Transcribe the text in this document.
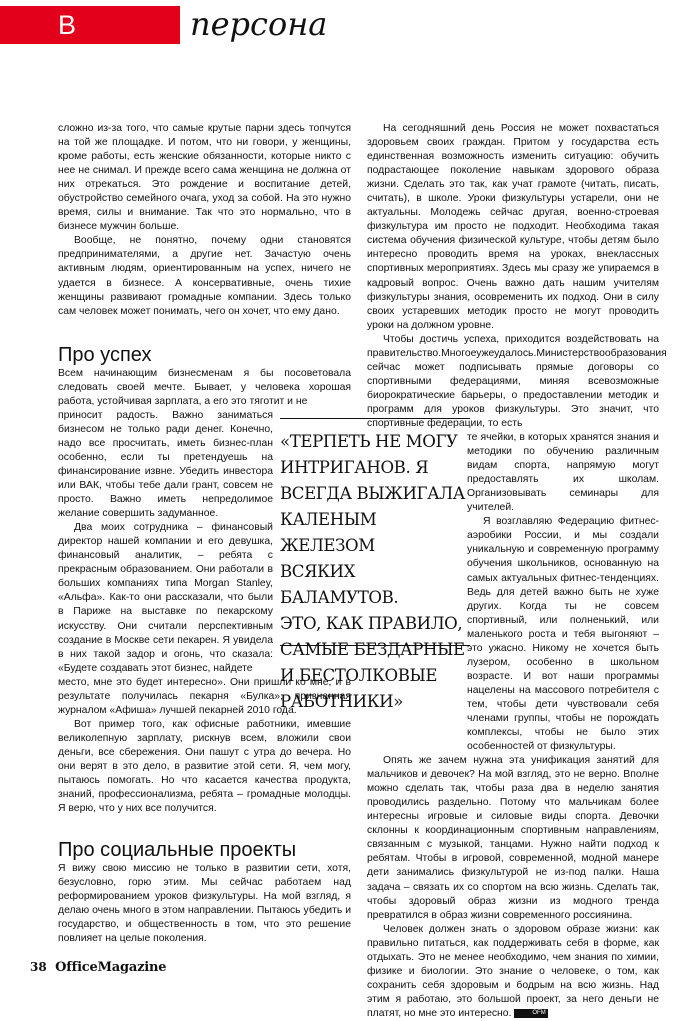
В ОФИСЕ
персона

сложно из-за того, что самые крутые парни здесь топчутся на той же площадке. И потом, что ни говори, у женщины, кроме работы, есть женские обязанности, которые никто с нее не снимал. И прежде всего сама женщина не должна от них отрекаться. Это рождение и воспитание детей, обустройство семейного очага, уход за собой. На это нужно время, силы и внимание. Так что это нормально, что в бизнесе мужчин больше.

Вообще, не понятно, почему одни становятся предпринимателями, а другие нет. Зачастую очень активным людям, ориентированным на успех, ничего не удается в бизнесе. А консервативные, очень тихие женщины развивают громадные компании. Здесь только сам человек может понимать, чего он хочет, что ему дано.

Про успех

Всем начинающим бизнесменам я бы посоветовала следовать своей мечте. Бывает, у человека хорошая работа, устойчивая зарплата, а его это тяготит и не

приносит радость. Важно заниматься бизнесом не только ради денег. Конечно, надо все просчитать, иметь бизнес-план особенно, если ты претендуешь на финансирование извне. Убедить инвестора или ВАК, чтобы тебе дали грант, совсем не просто. Важно иметь непредолимое желание совершить задуманное.

Два моих сотрудника – финансовый директор нашей компании и его девушка, финансовый аналитик, – ребята с прекрасным образованием. Они работали в больших компаниях типа Morgan Stanley, «Альфа». Как-то они рассказали, что были в Париже на выставке по пекарскому искусству. Они считали перспективным создание в Москве сети пекарен. Я увидела в них такой задор и огонь, что сказала: «Будете создавать этот бизнес, найдете

место, мне это будет интересно». Они пришли ко мне, и в результате получилась пекарня «Булка», признанная журналом «Афиша» лучшей пекарней 2010 года.

Вот пример того, как офисные работники, имевшие великолепную зарплату, рискнув всем, вложили свои деньги, все сбережения. Они пашут с утра до вечера. Но они верят в это дело, в развитие этой сети. Я, чем могу, пытаюсь помогать. Но что касается качества продукта, знаний, профессионализма, ребята – громадные молодцы. Я верю, что у них все получится.

Про социальные проекты

Я вижу свою миссию не только в развитии сети, хотя, безусловно, горю этим. Мы сейчас работаем над реформированием уроков физкультуры. На мой взгляд, я делаю очень много в этом направлении. Пытаюсь убедить и государство, и общественность в том, что это решение повлияет на целые поколения.

«ТЕРПЕТЬ НЕ МОГУ
ИНТРИГАНОВ. Я
ВСЕГДА ВЫЖИГАЛА
КАЛЕНЫМ ЖЕЛЕЗОМ
ВСЯКИХ БАЛАМУТОВ.
ЭТО, КАК ПРАВИЛО,
САМЫЕ БЕЗДАРНЫЕ
И БЕСТОЛКОВЫЕ
РАБОТНИКИ»

На сегодняшний день Россия не может похвастаться здоровьем своих граждан. Притом у государства есть единственная возможность изменить ситуацию: обучить подрастающее поколение навыкам здорового образа жизни. Сделать это так, как учат грамоте (читать, писать, считать), в школе. Уроки физкультуры устарели, они не актуальны. Молодежь сейчас другая, военно-строевая физкультура им просто не подходит. Необходима такая система обучения физической культуре, чтобы детям было интересно проводить время на уроках, внеклассных спортивных мероприятиях. Здесь мы сразу же упираемся в кадровый вопрос. Очень важно дать нашим учителям физкультуры знания, осовременить их подход. Они в силу своих устаревших методик просто не могут проводить уроки на должном уровне.

Чтобы достичь успеха, приходится воздействовать на правительство.Многоеужеудалось.Министерствообразования сейчас может подписывать прямые договоры со спортивными федерациями, миняя всевозможные биорократические барьеры, о предоставлении методик и программ для уроков физкультуры. Это значит, что спортивные федерации, то есть

те ячейки, в которых хранятся знания и методики по обучению различным видам спорта, напрямую могут предоставлять их школам. Организовывать семинары для учителей.

Я возглавляю Федерацию фитнес-аэробики России, и мы создали уникальную и современную программу обучения школьников, основанную на самых актуальных фитнес-тенденциях. Ведь для детей важно быть не хуже других. Когда ты не совсем спортивный, или полненький, или маленького роста и тебя выгоняют – это ужасно. Никому не хочется быть лузером, особенно в школьном возрасте. И вот наши программы нацелены на массового потребителя с тем, чтобы дети чувствовали себя членами группы, чтобы не порождать комплексы, чтобы не было этих особенностей от физкультуры.

Опять же зачем нужна эта унификация занятий для мальчиков и девочек? На мой взгляд, это не верно. Вполне можно сделать так, чтобы раза два в неделю занятия проводились раздельно. Потому что мальчикам более интересны игровые и силовые виды спорта. Девочки склонны к координационным спортивным направлениям, связанным с музыкой, танцами. Нужно найти подход к ребятам. Чтобы в игровой, современной, модной манере дети занимались физкультурой не из-под палки. Наша задача – связать их со спортом на всю жизнь. Сделать так, чтобы здоровый образ жизни из модного тренда превратился в образ жизни современного россиянина.

Человек должен знать о здоровом образе жизни: как правильно питаться, как поддерживать себя в форме, как отдыхать. Это не менее необходимо, чем знания по химии, физике и биологии. Это знание о человеке, о том, как сохранить себя здоровым и бодрым на всю жизнь. Над этим я работаю, это большой проект, за него деньги не платят, но мне это интересно.	OFM

38 OfficeMagazine
